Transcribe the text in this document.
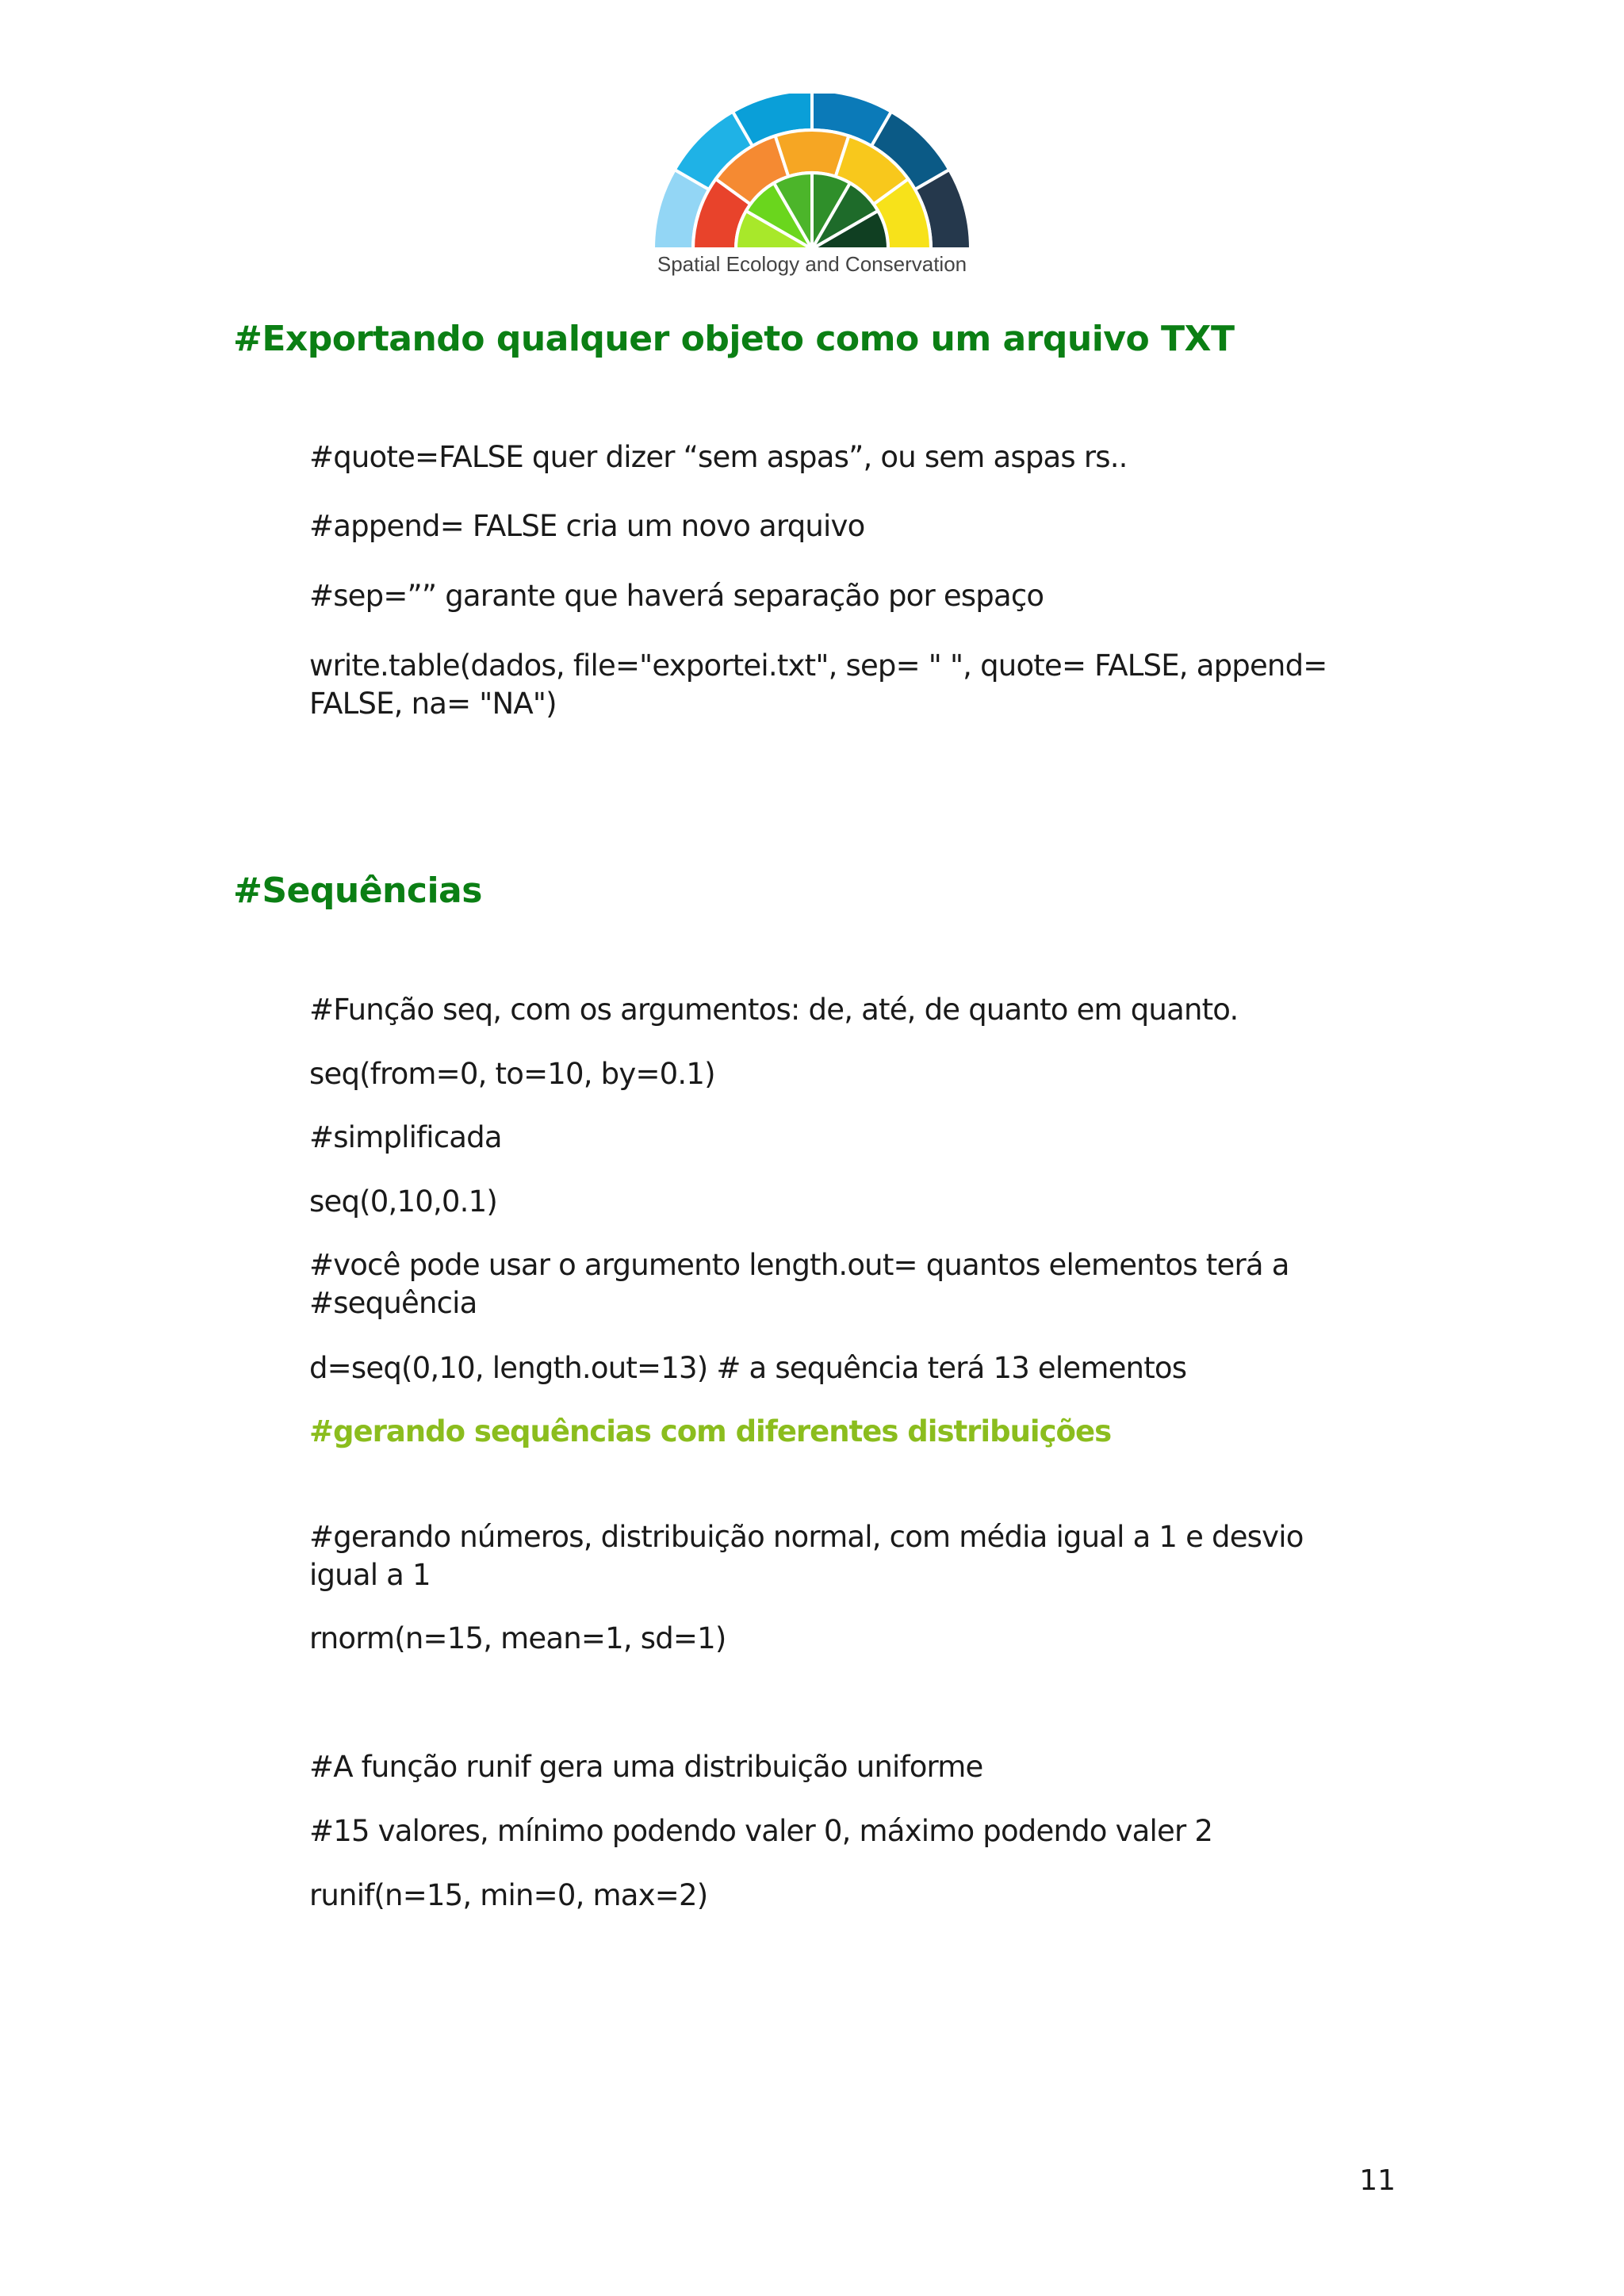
Spatial Ecology and Conservation
#Exportando qualquer objeto como um arquivo TXT

#quote=FALSE quer dizer “sem aspas”, ou sem aspas rs..

#append= FALSE cria um novo arquivo

#sep=”” garante que haverá separação por espaço

write.table(dados, file="exportei.txt", sep= " ", quote= FALSE, append= FALSE, na= "NA")

#Sequências

#Função seq, com os argumentos: de, até, de quanto em quanto.

seq(from=0, to=10, by=0.1)

#simplificada

seq(0,10,0.1)

#você pode usar o argumento length.out= quantos elementos terá a #sequência

d=seq(0,10, length.out=13) # a sequência terá 13 elementos

#gerando sequências com diferentes distribuições

#gerando números, distribuição normal, com média igual a 1 e desvio igual a 1

rnorm(n=15, mean=1, sd=1)

#A função runif gera uma distribuição uniforme

#15 valores, mínimo podendo valer 0, máximo podendo valer 2

runif(n=15, min=0, max=2)

11
